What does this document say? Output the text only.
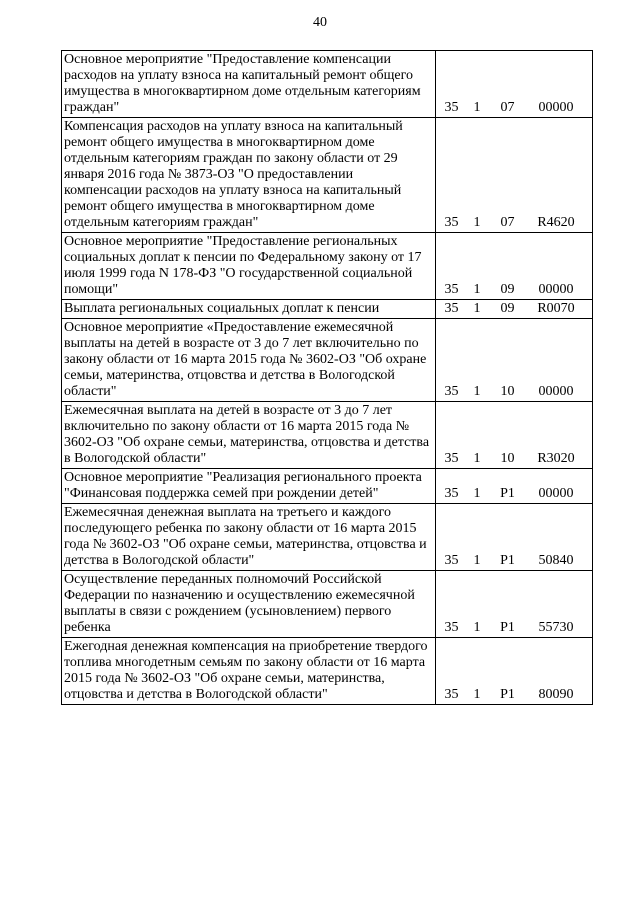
40
Основное мероприятие "Предоставление компенсации расходов на уплату взноса на капитальный ремонт общего имущества в многоквартирном доме отдельным категориям граждан"	35 1 07 00000
Компенсация расходов на уплату взноса на капитальный ремонт общего имущества в многоквартирном доме отдельным категориям граждан по закону области от 29 января 2016 года № 3873-ОЗ "О предоставлении компенсации расходов на уплату взноса на капитальный ремонт общего имущества в многоквартирном доме отдельным категориям граждан"	35 1 07 R4620
Основное мероприятие "Предоставление региональных социальных доплат к пенсии по Федеральному закону от 17 июля 1999 года N 178-ФЗ "О государственной социальной помощи"	35 1 09 00000
Выплата региональных социальных доплат к пенсии	35 1 09 R0070
Основное мероприятие «Предоставление ежемесячной выплаты на детей в возрасте от 3 до 7 лет включительно по закону области от 16 марта 2015 года № 3602-ОЗ "Об охране семьи, материнства, отцовства и детства в Вологодской области"	35 1 10 00000
Ежемесячная выплата на детей в возрасте от 3 до 7 лет включительно по закону области от 16 марта 2015 года № 3602-ОЗ "Об охране семьи, материнства, отцовства и детства в Вологодской области"	35 1 10 R3020
Основное мероприятие "Реализация регионального проекта "Финансовая поддержка семей при рождении детей"	35 1 P1 00000
Ежемесячная денежная выплата на третьего и каждого последующего ребенка по закону области от 16 марта 2015 года № 3602-ОЗ "Об охране семьи, материнства, отцовства и детства в Вологодской области"	35 1 P1 50840
Осуществление переданных полномочий Российской Федерации по назначению и осуществлению ежемесячной выплаты в связи с рождением (усыновлением) первого ребенка	35 1 P1 55730
Ежегодная денежная компенсация на приобретение твердого топлива многодетным семьям по закону области от 16 марта 2015 года № 3602-ОЗ "Об охране семьи, материнства, отцовства и детства в Вологодской области"	35 1 P1 80090
